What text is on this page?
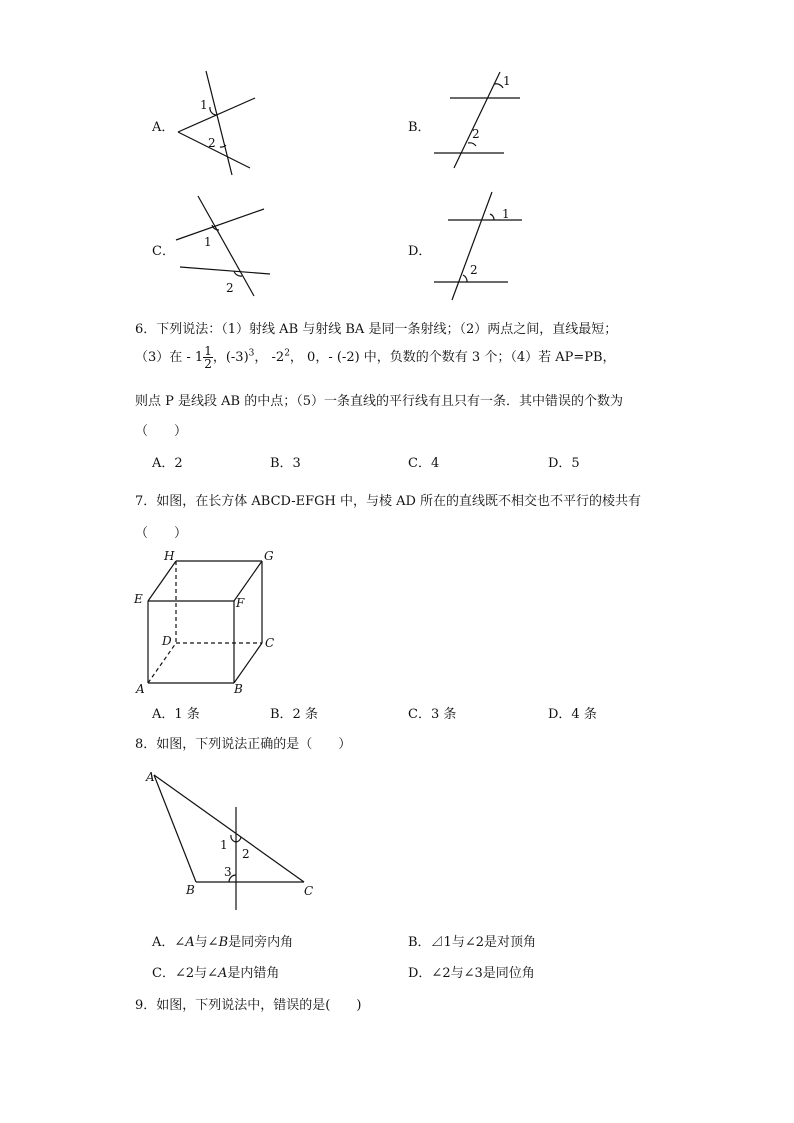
A．
1
2
B．
1
2
C．
1
2
D．
1
2
6．下列说法：（1）射线 AB 与射线 BA 是同一条射线；（2）两点之间，直线最短；
（3）在 - $1 \frac{1}{2}$ ，$(-3)^3$， $-2^2$， 0，- (-2) 中，负数的个数有 3 个；（4）若 AP=PB，
则点 P 是线段 AB 的中点；（5）一条直线的平行线有且只有一条．其中错误的个数为
（　　）
A．2	B．3	C．4	D．5
7．如图，在长方体 ABCD-EFGH 中，与棱 AD 所在的直线既不相交也不平行的棱共有
（　　）
H	G
E	F
D	C
A	B
A．1 条	B．2 条	C．3 条	D．4 条
8．如图，下列说法正确的是（　　）
A
B	C
1
2
3
A．∠A与∠B是同旁内角	B．⊿1与∠2是对顶角
C．∠2与∠A是内错角	D．∠2与∠3是同位角
9．如图，下列说法中，错误的是(　　)
